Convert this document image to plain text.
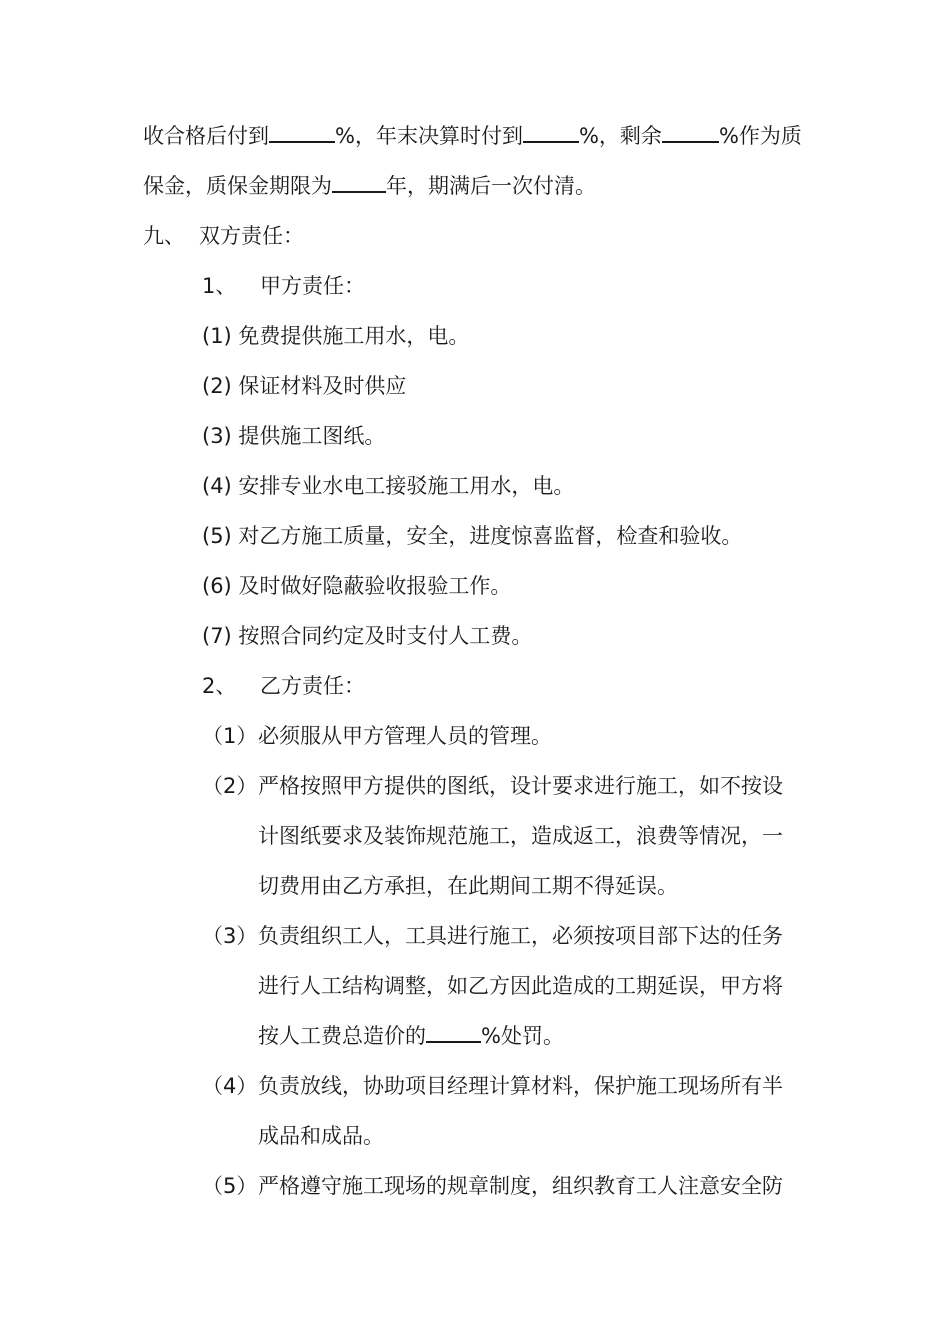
收合格后付到	%，年末决算时付到	%，剩余	%作为质
保金，质保金期限为	年，期满后一次付清。
九、 双方责任：
1、 甲方责任：
(1) 免费提供施工用水，电。
(2) 保证材料及时供应
(3) 提供施工图纸。
(4) 安排专业水电工接驳施工用水，电。
(5) 对乙方施工质量，安全，进度惊喜监督，检查和验收。
(6) 及时做好隐蔽验收报验工作。
(7) 按照合同约定及时支付人工费。
2、 乙方责任：
（1）必须服从甲方管理人员的管理。
（2）严格按照甲方提供的图纸，设计要求进行施工，如不按设
计图纸要求及装饰规范施工，造成返工，浪费等情况，一
切费用由乙方承担，在此期间工期不得延误。
（3）负责组织工人，工具进行施工，必须按项目部下达的任务
进行人工结构调整，如乙方因此造成的工期延误，甲方将
按人工费总造价的	%处罚。
（4）负责放线，协助项目经理计算材料，保护施工现场所有半
成品和成品。
（5）严格遵守施工现场的规章制度，组织教育工人注意安全防
